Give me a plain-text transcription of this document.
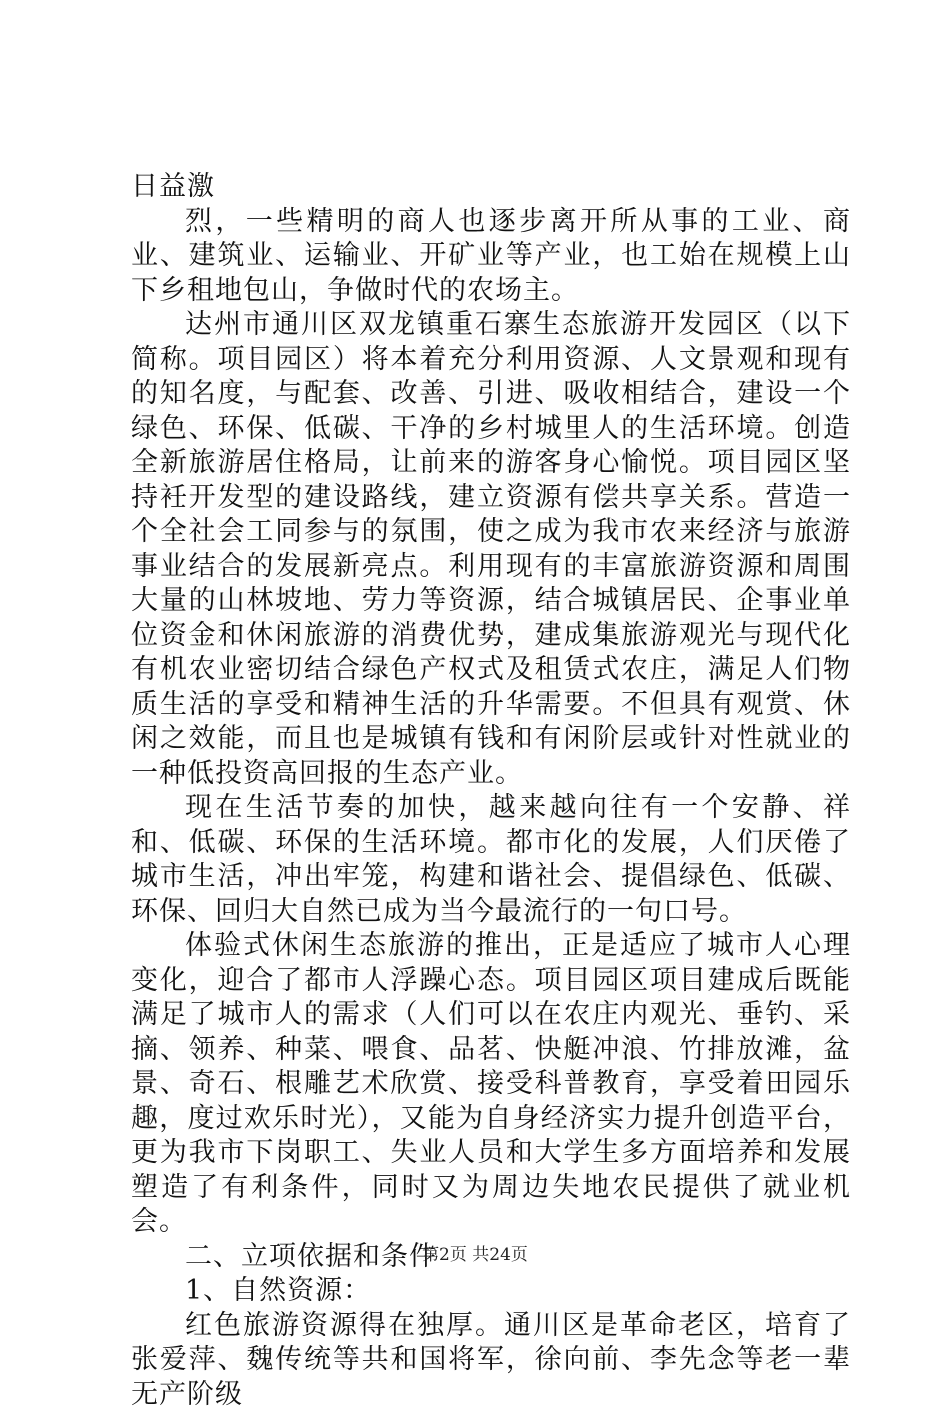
日益激

烈，一些精明的商人也逐步离开所从事的工业、商业、建筑业、运输业、开矿业等产业，也工始在规模上山下乡租地包山，争做时代的农场主。

达州市通川区双龙镇重石寨生态旅游开发园区（以下简称。项目园区）将本着充分利用资源、人文景观和现有的知名度，与配套、改善、引进、吸收相结合，建设一个绿色、环保、低碳、干净的乡村城里人的生活环境。创造全新旅游居住格局，让前来的游客身心愉悦。项目园区坚持衽开发型的建设路线，建立资源有偿共享关系。营造一个全社会工同参与的氛围，使之成为我市农来经济与旅游事业结合的发展新亮点。利用现有的丰富旅游资源和周围大量的山林坡地、劳力等资源，结合城镇居民、企事业单位资金和休闲旅游的消费优势，建成集旅游观光与现代化有机农业密切结合绿色产权式及租赁式农庄，满足人们物质生活的享受和精神生活的升华需要。不但具有观赏、休闲之效能，而且也是城镇有钱和有闲阶层或针对性就业的一种低投资高回报的生态产业。

现在生活节奏的加快，越来越向往有一个安静、祥和、低碳、环保的生活环境。都市化的发展，人们厌倦了城市生活，冲出牢笼，构建和谐社会、提倡绿色、低碳、环保、回归大自然已成为当今最流行的一句口号。

体验式休闲生态旅游的推出，正是适应了城市人心理变化，迎合了都市人浮躁心态。项目园区项目建成后既能满足了城市人的需求（人们可以在农庄内观光、垂钓、采摘、领养、种菜、喂食、品茗、快艇冲浪、竹排放滩，盆景、奇石、根雕艺术欣赏、接受科普教育，享受着田园乐趣，度过欢乐时光），又能为自身经济实力提升创造平台，更为我市下岗职工、失业人员和大学生多方面培养和发展塑造了有利条件，同时又为周边失地农民提供了就业机会。

二、立项依据和条件

1、自然资源：

红色旅游资源得在独厚。通川区是革命老区，培育了张爱萍、魏传统等共和国将军，徐向前、李先念等老一辈无产阶级

第2页 共24页
